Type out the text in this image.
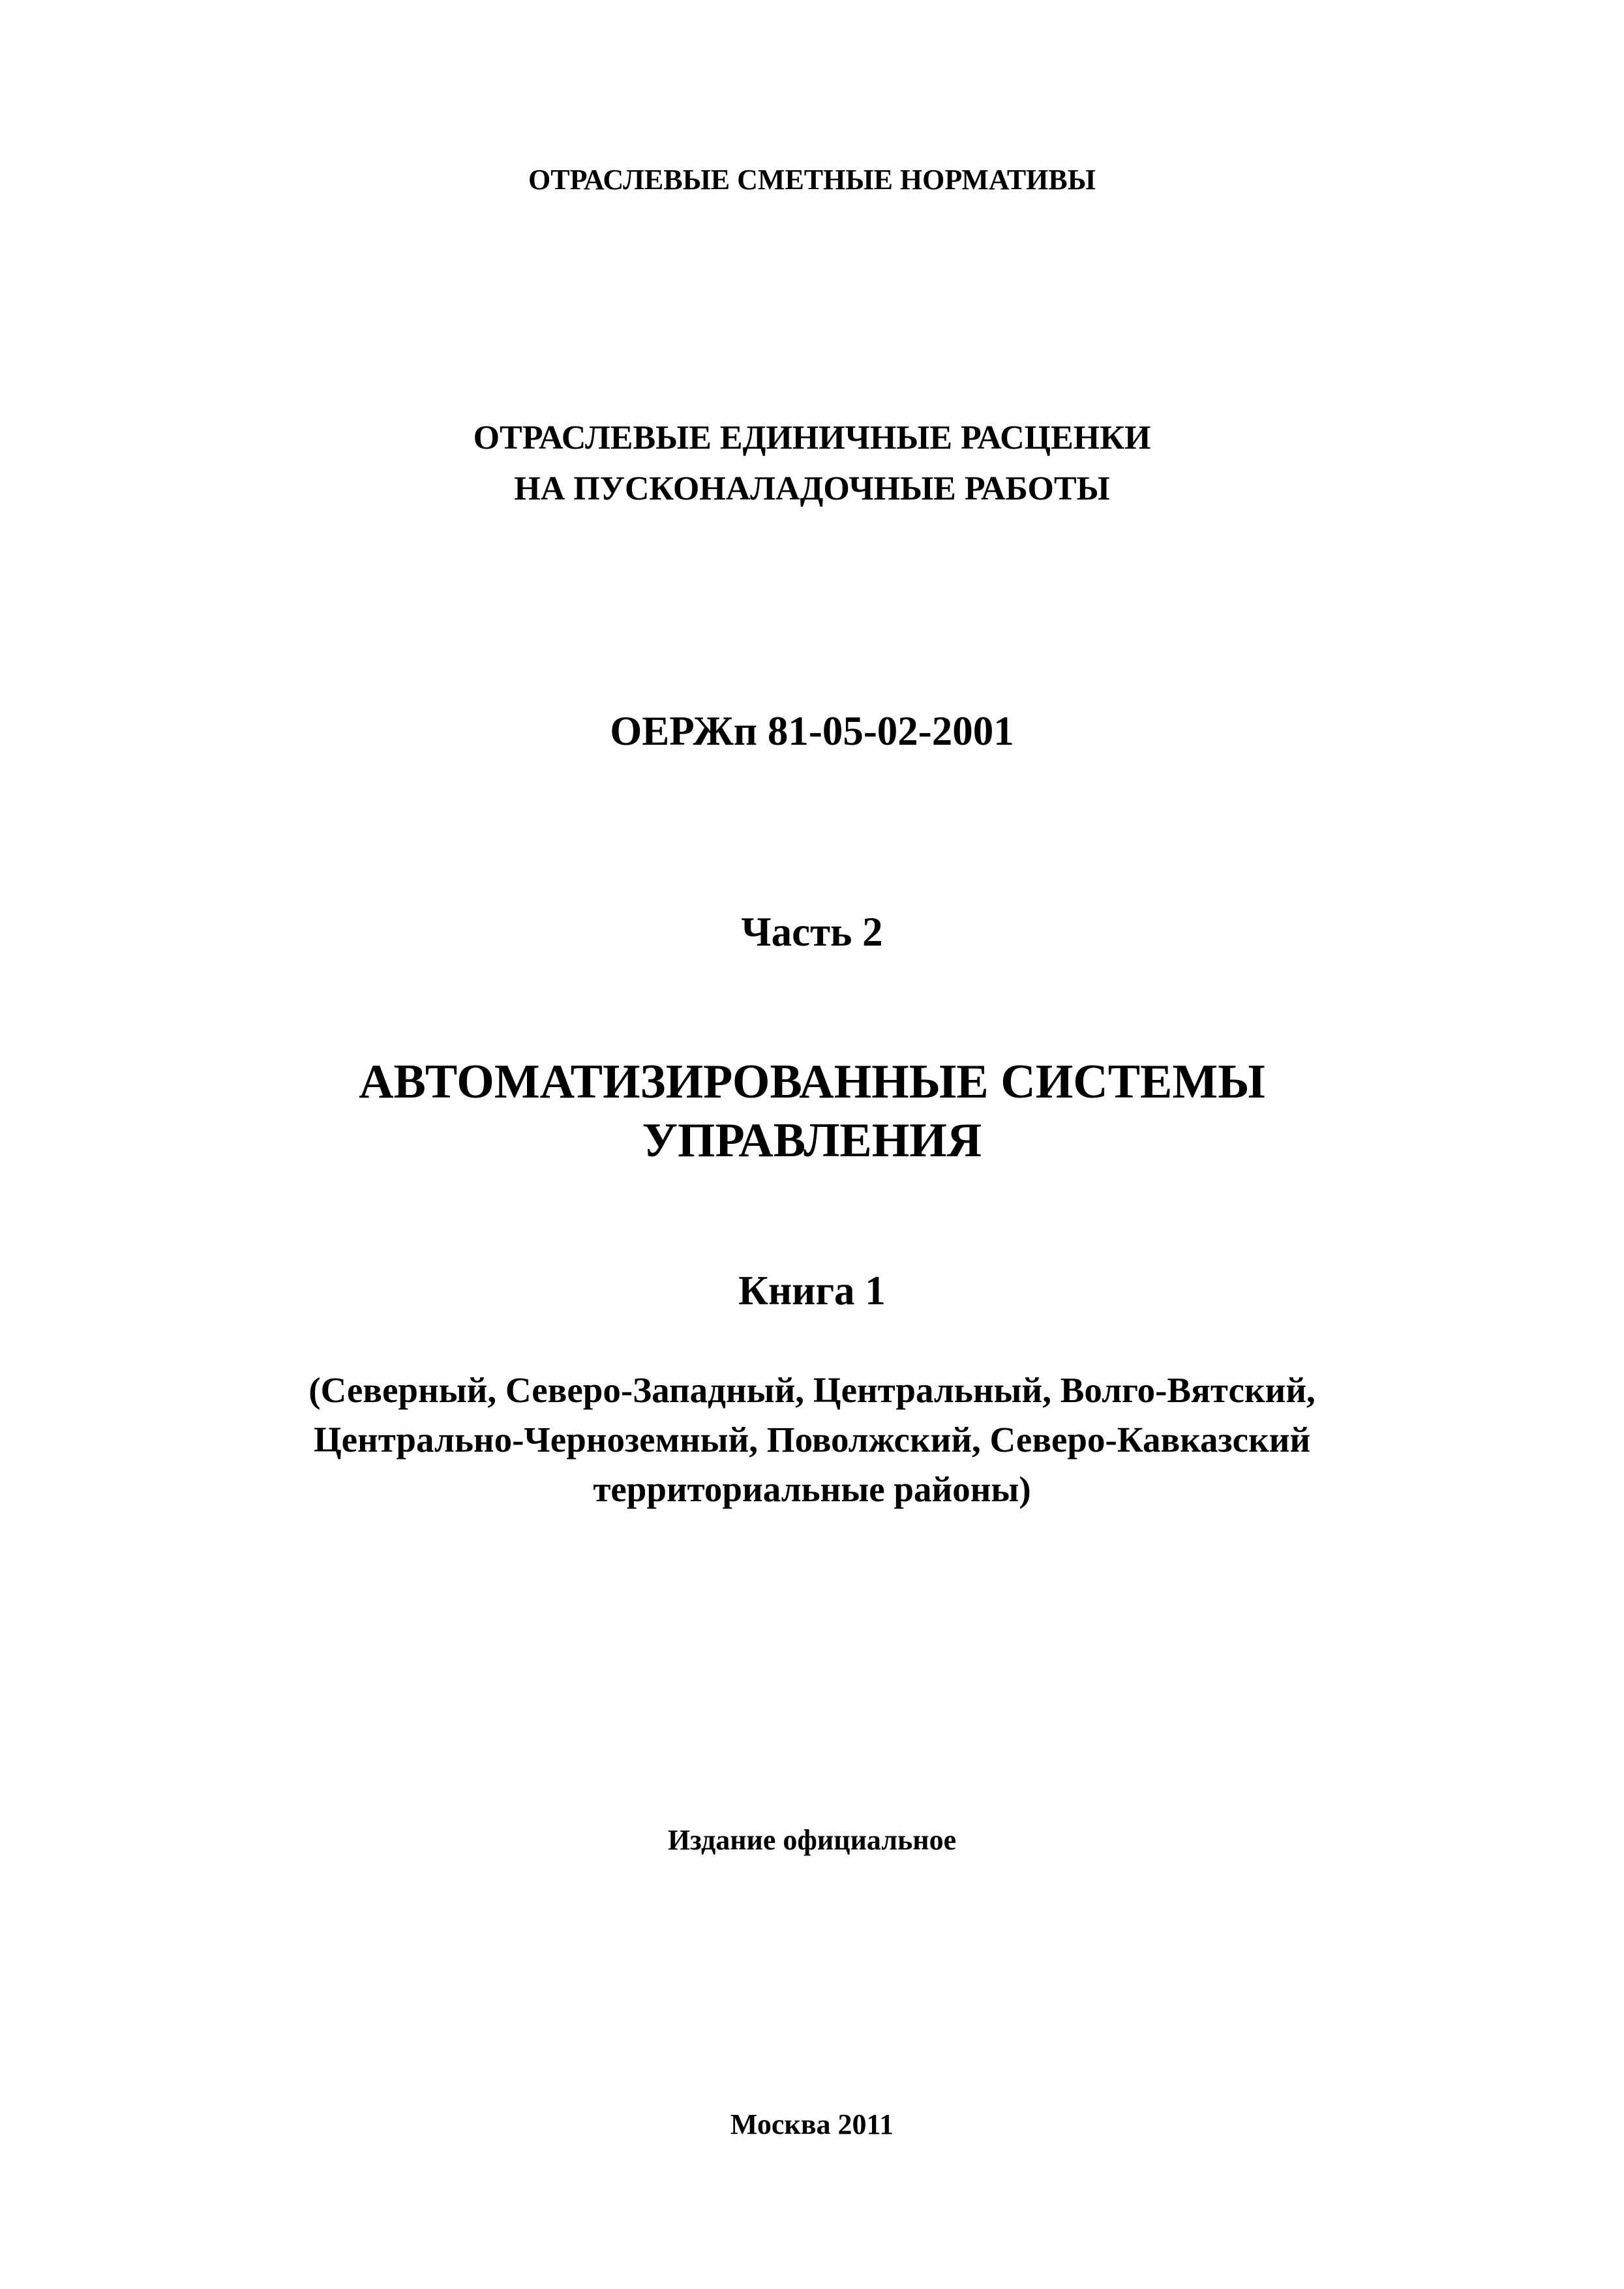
ОТРАСЛЕВЫЕ СМЕТНЫЕ НОРМАТИВЫ
ОТРАСЛЕВЫЕ ЕДИНИЧНЫЕ РАСЦЕНКИ
НА ПУСКОНАЛАДОЧНЫЕ РАБОТЫ
ОЕРЖп 81-05-02-2001
Часть 2
АВТОМАТИЗИРОВАННЫЕ СИСТЕМЫ
УПРАВЛЕНИЯ
Книга 1
(Северный, Северо-Западный, Центральный, Волго-Вятский,
Центрально-Черноземный, Поволжский, Северо-Кавказский
территориальные районы)
Издание официальное
Москва 2011
